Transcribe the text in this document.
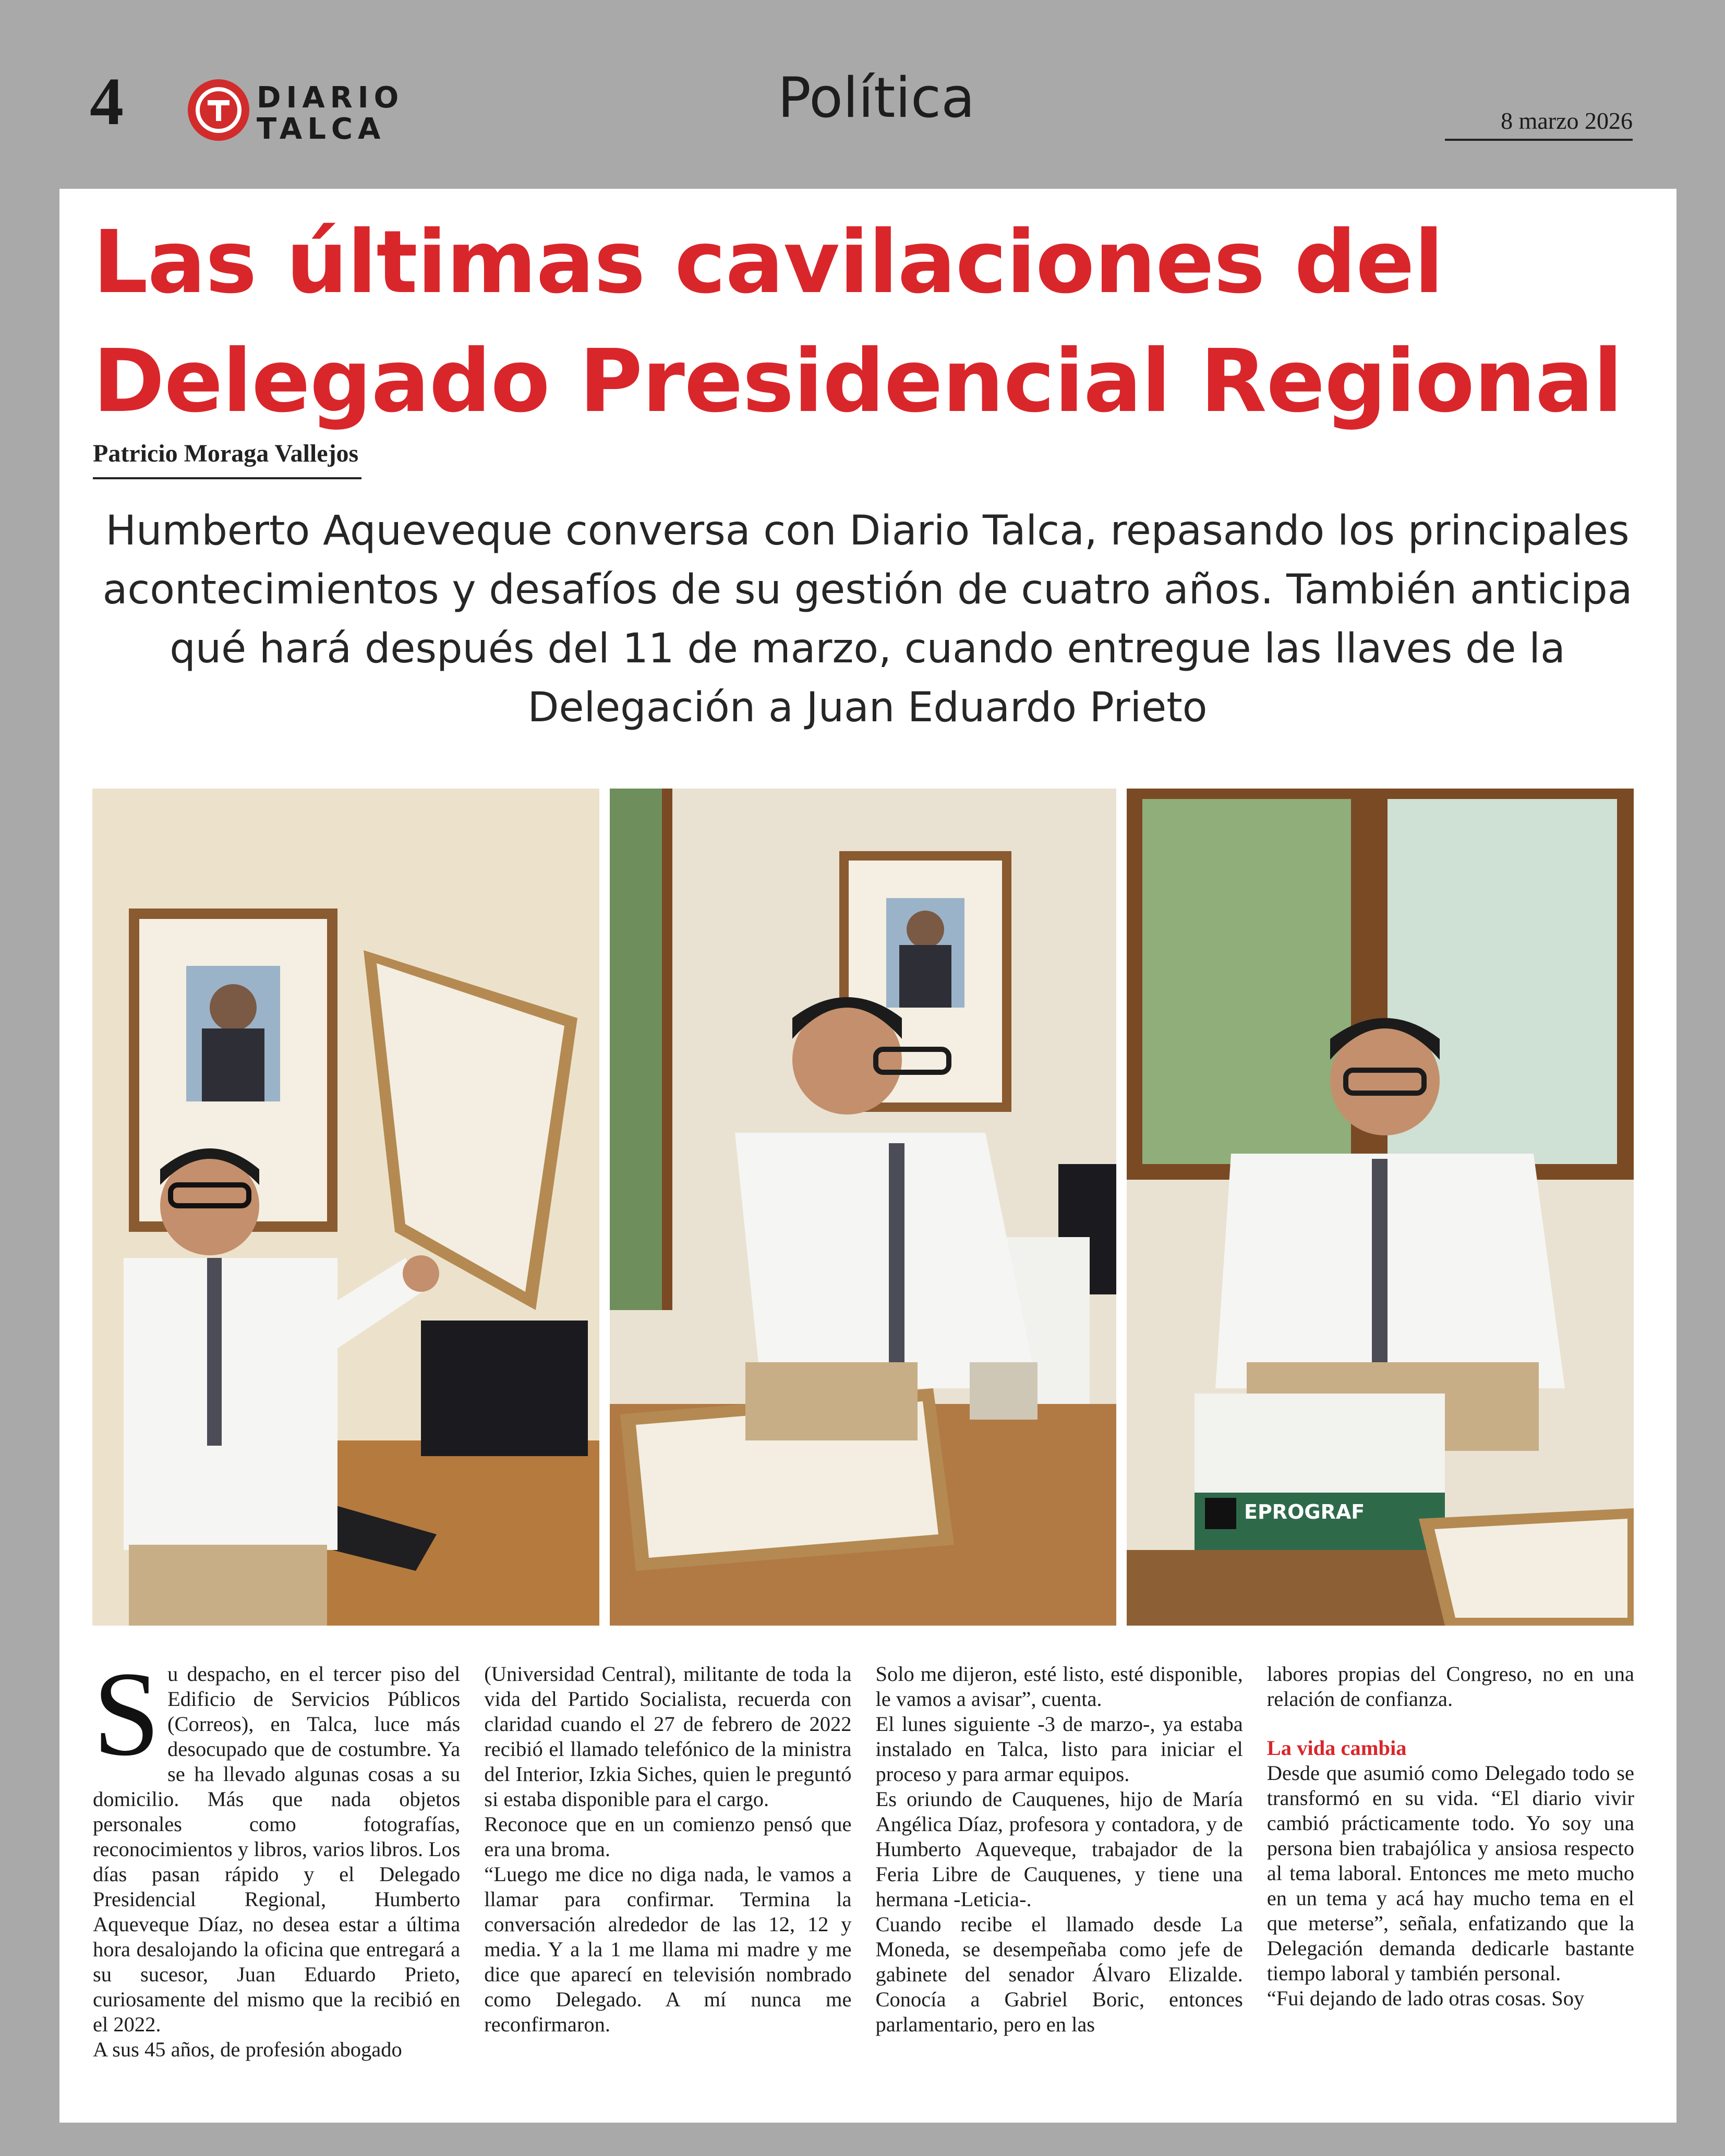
4	DIARIO
TALCA	Política	8 marzo 2026
Las últimas cavilaciones del Delegado Presidencial Regional
Patricio Moraga Vallejos
Humberto Aqueveque conversa con Diario Talca, repasando los principales acontecimientos y desafíos de su gestión de cuatro años. También anticipa qué hará después del 11 de marzo, cuando entregue las llaves de la Delegación a Juan Eduardo Prieto
EPROGRAF
S u despacho, en el tercer piso del Edificio de Servicios Públicos (Correos), en Talca, luce más desocupado que de costumbre. Ya se ha llevado algunas cosas a su domicilio. Más que nada objetos personales como fotografías, reconocimientos y libros, varios libros. Los días pasan rápido y el Delegado Presidencial Regional, Humberto Aqueveque Díaz, no desea estar a última hora desalojando la oficina que entregará a su sucesor, Juan Eduardo Prieto, curiosamente del mismo que la recibió en el 2022.

A sus 45 años, de profesión abogado

(Universidad Central), militante de toda la vida del Partido Socialista, recuerda con claridad cuando el 27 de febrero de 2022 recibió el llamado telefónico de la ministra del Interior, Izkia Siches, quien le preguntó si estaba disponible para el cargo.

Reconoce que en un comienzo pensó que era una broma.

“Luego me dice no diga nada, le vamos a llamar para confirmar. Termina la conversación alrededor de las 12, 12 y media. Y a la 1 me llama mi madre y me dice que aparecí en televisión nombrado como Delegado. A mí nunca me reconfirmaron.

Solo me dijeron, esté listo, esté disponible, le vamos a avisar”, cuenta.

El lunes siguiente -3 de marzo-, ya estaba instalado en Talca, listo para iniciar el proceso y para armar equipos.

Es oriundo de Cauquenes, hijo de María Angélica Díaz, profesora y contadora, y de Humberto Aqueveque, trabajador de la Feria Libre de Cauquenes, y tiene una hermana -Leticia-.

Cuando recibe el llamado desde La Moneda, se desempeñaba como jefe de gabinete del senador Álvaro Elizalde. Conocía a Gabriel Boric, entonces parlamentario, pero en las

labores propias del Congreso, no en una relación de confianza.

La vida cambia

Desde que asumió como Delegado todo se transformó en su vida. “El diario vivir cambió prácticamente todo. Yo soy una persona bien trabajólica y ansiosa respecto al tema laboral. Entonces me meto mucho en un tema y acá hay mucho tema en el que meterse”, señala, enfatizando que la Delegación demanda dedicarle bastante tiempo laboral y también personal.

“Fui dejando de lado otras cosas. Soy
